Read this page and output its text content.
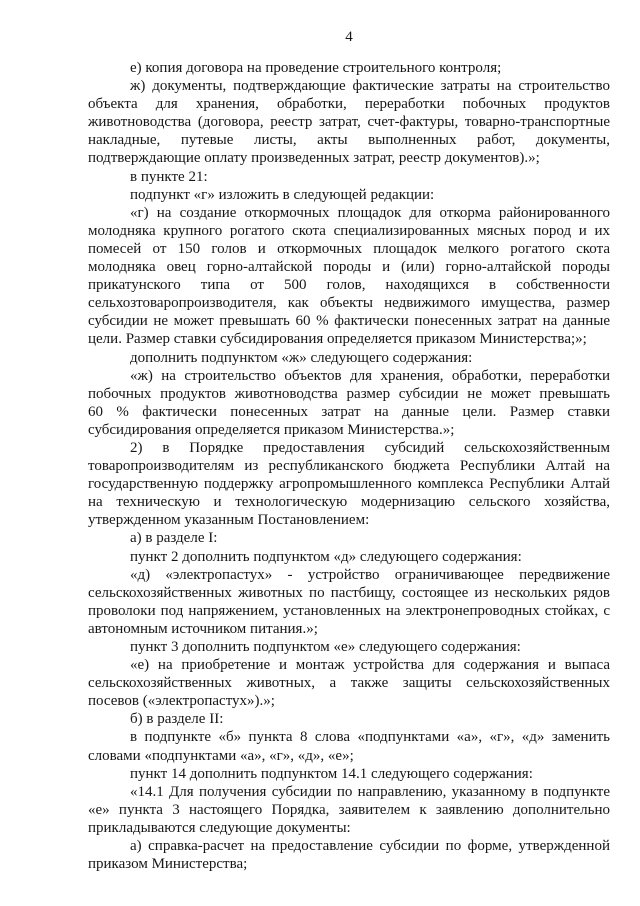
4
е) копия договора на проведение строительного контроля;
ж) документы, подтверждающие фактические затраты на строительство
объекта для хранения, обработки, переработки побочных продуктов
животноводства (договора, реестр затрат, счет-фактуры, товарно-транспортные
накладные, путевые листы, акты выполненных работ, документы,
подтверждающие оплату произведенных затрат, реестр документов).»;
в пункте 21:
подпункт «г» изложить в следующей редакции:
«г) на создание откормочных площадок для откорма районированного
молодняка крупного рогатого скота специализированных мясных пород и их
помесей от 150 голов и откормочных площадок мелкого рогатого скота
молодняка овец горно-алтайской породы и (или) горно-алтайской породы
прикатунского типа от 500 голов, находящихся в собственности
сельхозтоваропроизводителя, как объекты недвижимого имущества, размер
субсидии не может превышать 60 % фактически понесенных затрат на данные
цели. Размер ставки субсидирования определяется приказом Министерства;»;
дополнить подпунктом «ж» следующего содержания:
«ж) на строительство объектов для хранения, обработки, переработки
побочных продуктов животноводства размер субсидии не может превышать
60 % фактически понесенных затрат на данные цели. Размер ставки
субсидирования определяется приказом Министерства.»;
2) в Порядке предоставления субсидий сельскохозяйственным
товаропроизводителям из республиканского бюджета Республики Алтай на
государственную поддержку агропромышленного комплекса Республики Алтай
на техническую и технологическую модернизацию сельского хозяйства,
утвержденном указанным Постановлением:
а) в разделе I:
пункт 2 дополнить подпунктом «д» следующего содержания:
«д) «электропастух» - устройство ограничивающее передвижение
сельскохозяйственных животных по пастбищу, состоящее из нескольких рядов
проволоки под напряжением, установленных на электронепроводных стойках, с
автономным источником питания.»;
пункт 3 дополнить подпунктом «е» следующего содержания:
«е) на приобретение и монтаж устройства для содержания и выпаса
сельскохозяйственных животных, а также защиты сельскохозяйственных
посевов («электропастух»).»;
б) в разделе II:
в подпункте «б» пункта 8 слова «подпунктами «а», «г», «д» заменить
словами «подпунктами «а», «г», «д», «е»;
пункт 14 дополнить подпунктом 14.1 следующего содержания:
«14.1 Для получения субсидии по направлению, указанному в подпункте
«е» пункта 3 настоящего Порядка, заявителем к заявлению дополнительно
прикладываются следующие документы:
а) справка-расчет на предоставление субсидии по форме, утвержденной
приказом Министерства;
